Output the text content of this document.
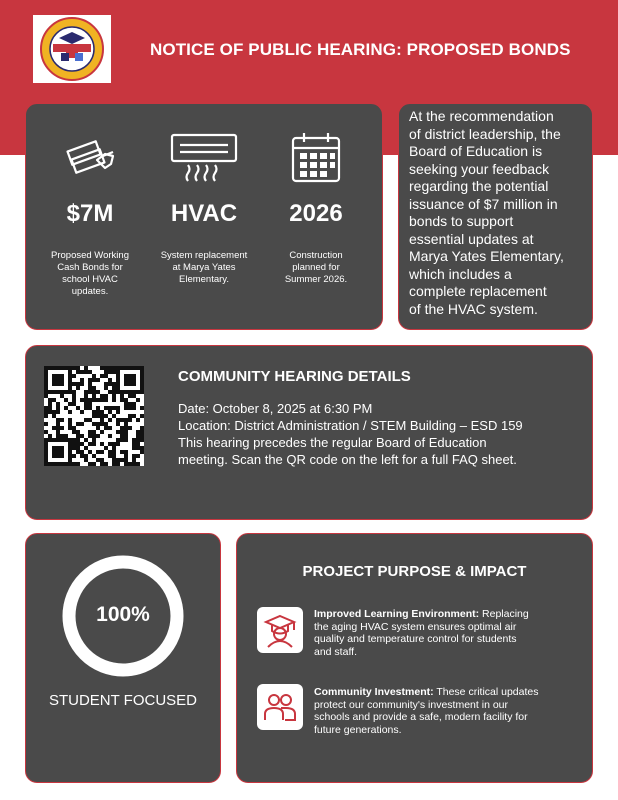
NOTICE OF PUBLIC HEARING: PROPOSED BONDS
$7M
Proposed Working
Cash Bonds for
school HVAC
updates.
HVAC
System replacement
at Marya Yates
Elementary.
2026
Construction
planned for
Summer 2026.
At the recommendation
of district leadership, the
Board of Education is
seeking your feedback
regarding the potential
issuance of $7 million in
bonds to support
essential updates at
Marya Yates Elementary,
which includes a
complete replacement
of the HVAC system.
COMMUNITY HEARING DETAILS
Date: October 8, 2025 at 6:30 PM
Location: District Administration / STEM Building – ESD 159
This hearing precedes the regular Board of Education
meeting. Scan the QR code on the left for a full FAQ sheet.
100%
STUDENT FOCUSED
PROJECT PURPOSE & IMPACT
Improved Learning Environment: Replacing
the aging HVAC system ensures optimal air
quality and temperature control for students
and staff.
Community Investment: These critical updates
protect our community's investment in our
schools and provide a safe, modern facility for
future generations.
